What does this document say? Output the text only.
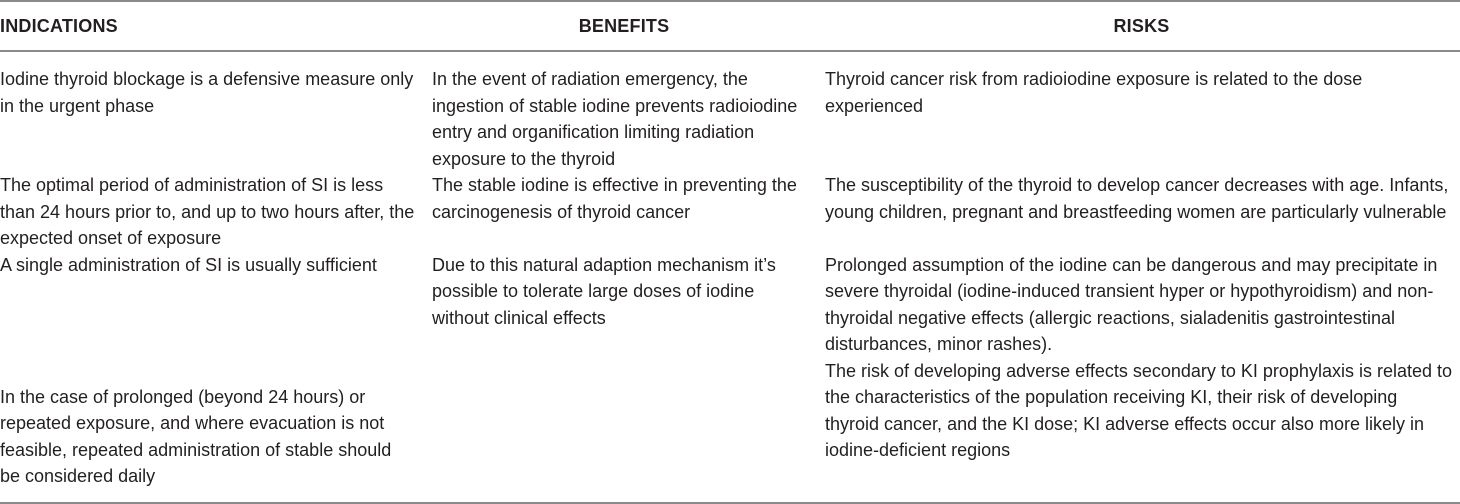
INDICATIONS	BENEFITS	RISKS
Iodine thyroid blockage is a defensive measure only in the urgent phase	In the event of radiation emergency, the ingestion of stable iodine prevents radioiodine entry and organification limiting radiation exposure to the thyroid	Thyroid cancer risk from radioiodine exposure is related to the dose experienced
The optimal period of administration of SI is less than 24 hours prior to, and up to two hours after, the expected onset of exposure	The stable iodine is effective in preventing the carcinogenesis of thyroid cancer	The susceptibility of the thyroid to develop cancer decreases with age. Infants, young children, pregnant and breastfeeding women are particularly vulnerable
A single administration of SI is usually sufficient	Due to this natural adaption mechanism it’s possible to tolerate large doses of iodine without clinical effects	Prolonged assumption of the iodine can be dangerous and may precipitate in severe thyroidal (iodine-induced transient hyper or hypothyroidism) and non-thyroidal negative effects (allergic reactions, sialadenitis gastrointestinal disturbances, minor rashes).
In the case of prolonged (beyond 24 hours) or repeated exposure, and where evacuation is not feasible, repeated administration of stable should be considered daily		The risk of developing adverse effects secondary to KI prophylaxis is related to the characteristics of the population receiving KI, their risk of developing thyroid cancer, and the KI dose; KI adverse effects occur also more likely in iodine-deficient regions
